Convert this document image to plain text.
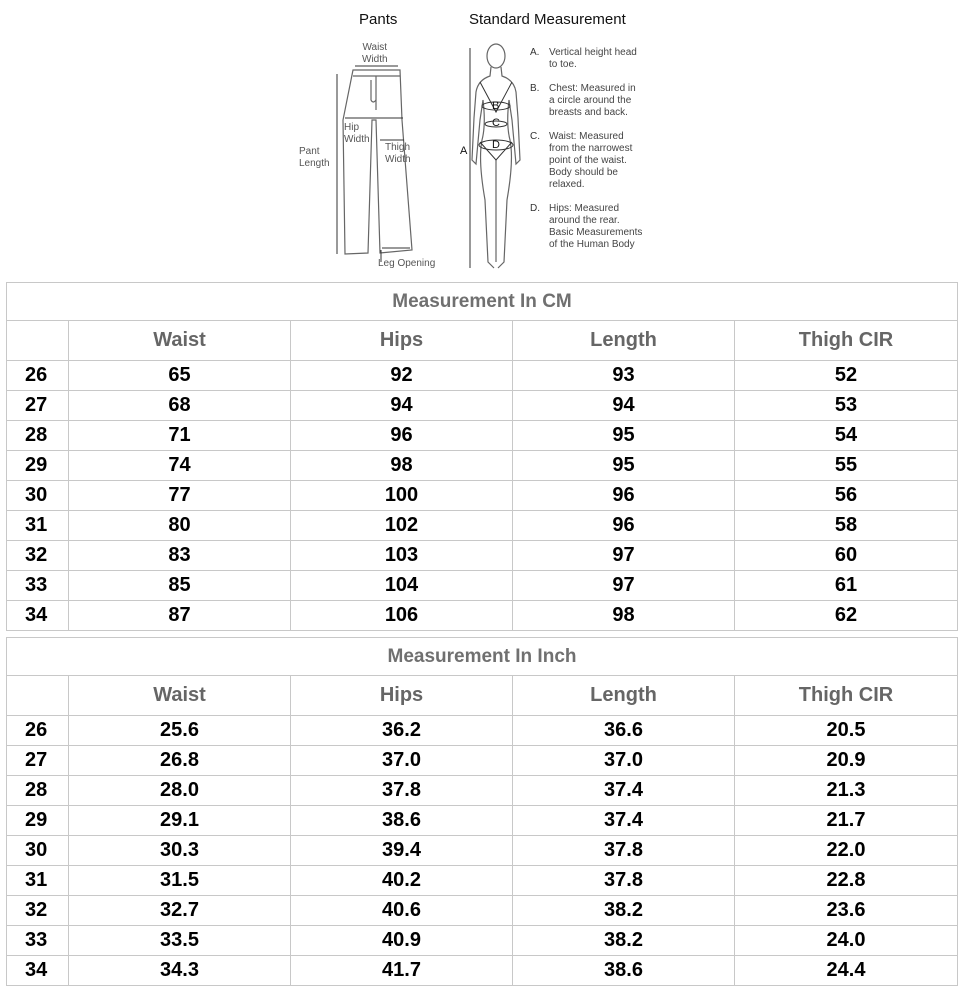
Pants	Standard Measurement
Waist
Width
Hip
Width
Pant
Length
Thigh
Width
Leg Opening
A
B
C
D
A. Vertical height head
to toe.
B. Chest: Measured in
a circle around the
breasts and back.
C. Waist: Measured
from the narrowest
point of the waist.
Body should be
relaxed.
D. Hips: Measured
around the rear.
Basic Measurements
of the Human Body
Measurement In CM				
	Waist	Hips	Length	Thigh CIR
26	65	92	93	52
27	68	94	94	53
28	71	96	95	54
29	74	98	95	55
30	77	100	96	56
31	80	102	96	58
32	83	103	97	60
33	85	104	97	61
34	87	106	98	62
Measurement In Inch				
	Waist	Hips	Length	Thigh CIR
26	25.6	36.2	36.6	20.5
27	26.8	37.0	37.0	20.9
28	28.0	37.8	37.4	21.3
29	29.1	38.6	37.4	21.7
30	30.3	39.4	37.8	22.0
31	31.5	40.2	37.8	22.8
32	32.7	40.6	38.2	23.6
33	33.5	40.9	38.2	24.0
34	34.3	41.7	38.6	24.4
